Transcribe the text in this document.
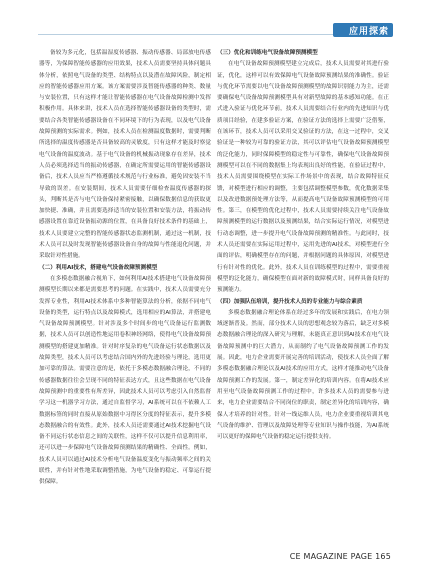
应用探索

备较为多元化，包括温湿度传感器、振动传感器、局部放电传感器等，为保障智能传感器的应用效果，技术人员需要坚持具体问题具体分析，依照电气设备的类型、结构特点以及潜在故障风险，制定相应的智能传感器应用方案。该方案需要涉及智能传感器的种类、数量与安装位置，只有这样才能让智能传感器在电气设备故障检测中发挥积极作用。具体来讲，技术人员在选择智能传感器设备的类型时，需要结合各类智能传感器设备在不同环境下的行为表现，以及电气设备故障预测的实际需求。例如，技术人员在检测温度数据时，需要判断所选择的温度传感器是否具备较高的灵敏度，只有这样才能及时察觉电气设备的温度波动。基于电气设备的机械振动现象存在差异，技术人员必须选择适当的振动传感器，在确定所需要运用的智能传感器设备后，技术人员应当严格遵循技术规范与行业标准，避免因安装不当导致的误差。在安装期间，技术人员需要仔细检查温度传感器的探头，判断其是否与电气设备保持紧密接触，以确保数据信息的获取更加快捷、准确，并且需要选择适当的安装位置和安装方法，将振动传感器设置在靠近设备振动源的位置，在具备良好技术条件的基础上，技术人员要建立完整的智能传感器状态监测机制，通过这一机制，技术人员可以及时发现智能传感器设备自身的故障与性能退化问题，并采取针对性措施。

（二）利用AI技术，搭建电气设备故障预测模型

在多模态数据融合视角下，如何利用AI技术搭建电气设备故障预测模型长期以来都是需要思考的问题。在实践中，技术人员需要充分发挥专业性，利用AI技术体系中多种智能算法的分析，依据不同电气设备的类型，运行特点以及故障模式，选用相应的AI算法，并搭建电气设备故障预测模型。针对涉及多个时间步的电气设备运行监测数据，技术人员可以创造性地运用卷积神经网络，使得电气设备故障预测模型的搭建更加精准。针对时序复杂的电气设备运行状态数据以及故障类型，技术人员可以考虑结合国内外的先进经验与理论，选用更加可靠的算法。需要注意的是，依托于多模态数据融合理论，不同的传感器数据往往会呈现不同的特征表达方式，且这些数据在电气设备故障预测中的重要性有所差异，因此技术人员可以考虑引入自然监督学习这一机器学习方法，通过自监督学习，AI系统可以在不依赖人工数据标签的同时直接从原始数据中习得区分度的特征表示，提升多模态数据融合的有效性。此外，技术人员还需要通过AI技术挖掘电气设备不同运行状态信息之间的关联性，这样不仅可以提升信息利用率，还可以进一步保障电气设备故障预测结果的精确性、全面性。例如，技术人员可以通过AI技术分析电气设备温度变化与振动频率之间的关联性，并有针对性地采取调整措施，为电气设备的稳定、可靠运行提供保障。

（三）优化和训练电气设备故障预测模型

在电气设备故障预测模型建立完成后，技术人员需要对其进行验证，优化，这样可以有效保障电气设备故障预测结果的准确性。验证与优化环节需要以电气设备故障预测模型的故障识别能力为主，还需要确保电气设备故障预测模型具有对新型故障的基本感知功能。在正式进入验证与优化环节前，技术人员需要结合行业内的先进知识与优质项目经验，在建多验证方案，在验证方法的选择上需要广泛借鉴，在该环节，技术人员可以采用交叉验证的方法，在这一过程中，交叉验证是一种较为可靠的验证方法，其可以评估电气设备故障预测模型的泛化能力，同时保障模型的稳定性与可靠性，确保电气设备故障预测模型可以在不同的数据集上均表现出良好的性能，在验证过程中，技术人员需要围绕模型在实际工作场景中的表现，结合故障特征反馈，对模型进行相应的调整，主要包括调整模型参数，优化数据采集以及改进数据预处理方法等，从而提高电气设备故障预测模型的可用性。第三，在模型的优化过程中，技术人员需要持续关注电气设备故障预测模型的运行数据以及预测结果，结合实际运行情况，对模型进行动态调整，进一步提升电气设备故障预测的精准性。与此同时，技术人员还需要在实际运用过程中，运用先进的AI技术，对模型进行全面的评估，明确模型存在的问题，并根据问题的具体原因，对模型进行有针对性的优化。此外，技术人员在训练模型的过程中，需要重视模型的泛化能力，确保模型在面对新的故障模式时，同样具备良好的预测能力。

（四）加强队伍培训，提升技术人员的专业能力与综合素质

多模态数据融合理论体系在经过多年的发展和实践后，在电力领域逐渐普及。然而，部分技术人员的思想观念较为落后，缺乏对多模态数据融合理论的深入研究与理解，未能真正意识到AI技术在电气设备故障预测中的巨大潜力，从而制约了电气设备故障预测工作的发展。因此，电力企业需要开展完善的培训活动，使技术人员全面了解多模态数据融合理论以及AI技术的应用方式，这样才能推动电气设备故障预测工作的发展。第一，制定差异化的培训内容。在将AI技术应用至电气设备故障预测工作的过程中，许多技术人员的需要参与进来，电力企业需要结合不同岗位的职责，制定差异化的培训内容，确保人才培养的针对性。针对一线运维人员，电力企业要重视培训其电气设备的维护、管理以及故障处理等专业知识与操作技能，为AI系统可以更好的保障电气设备的稳定运行提供支持。

CE MAGAZINE PAGE 165
